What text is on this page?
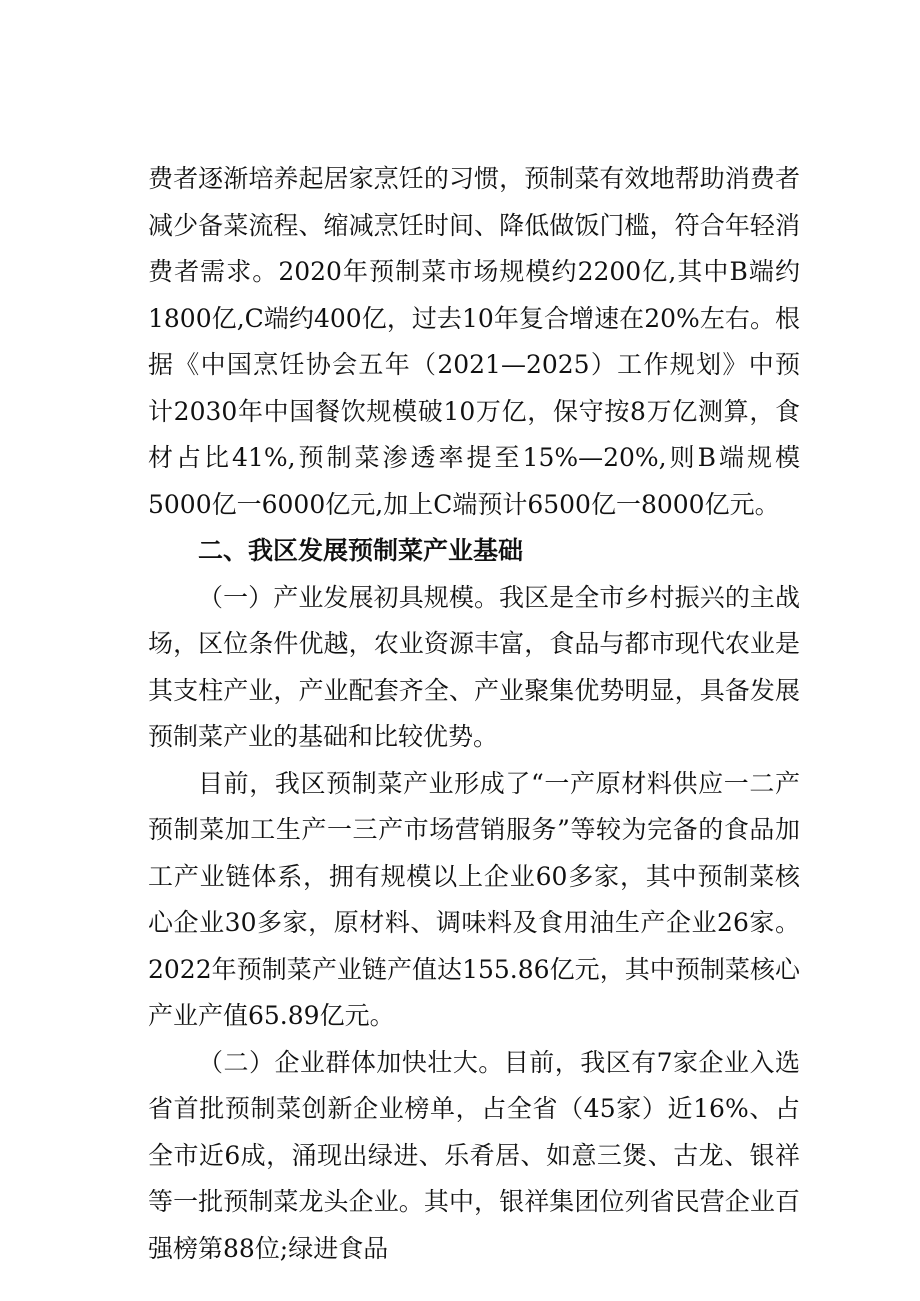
费者逐渐培养起居家烹饪的习惯，预制菜有效地帮助消费者减少备菜流程、缩减烹饪时间、降低做饭门槛，符合年轻消费者需求。2020年预制菜市场规模约2200亿,其中B端约1800亿,C端约400亿，过去10年复合增速在20%左右。根据《中国烹饪协会五年（2021—2025）工作规划》中预计2030年中国餐饮规模破10万亿，保守按8万亿测算，食材占比41%,预制菜渗透率提至15%—20%,则B端规模5000亿一6000亿元,加上C端预计6500亿一8000亿元。

二、我区发展预制菜产业基础

（一）产业发展初具规模。我区是全市乡村振兴的主战场，区位条件优越，农业资源丰富，食品与都市现代农业是其支柱产业，产业配套齐全、产业聚集优势明显，具备发展预制菜产业的基础和比较优势。

目前，我区预制菜产业形成了“一产原材料供应一二产预制菜加工生产一三产市场营销服务”等较为完备的食品加工产业链体系，拥有规模以上企业60多家，其中预制菜核心企业30多家，原材料、调味料及食用油生产企业26家。2022年预制菜产业链产值达155.86亿元，其中预制菜核心产业产值65.89亿元。

（二）企业群体加快壮大。目前，我区有7家企业入选省首批预制菜创新企业榜单，占全省（45家）近16%、占全市近6成，涌现出绿进、乐肴居、如意三煲、古龙、银祥等一批预制菜龙头企业。其中，银祥集团位列省民营企业百强榜第88位;绿进食品
